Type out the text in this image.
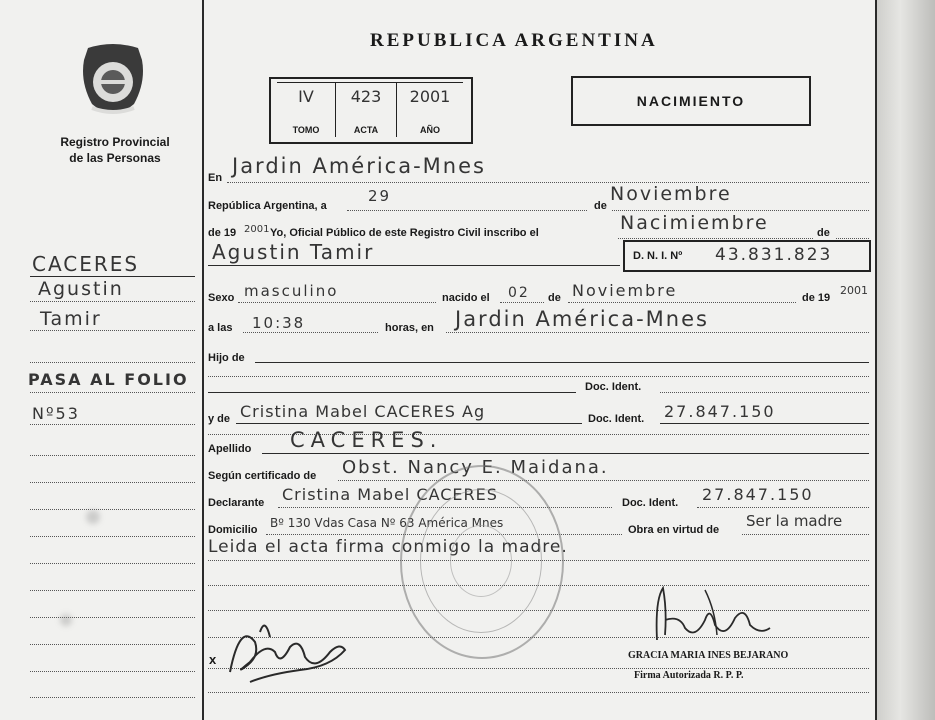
Registro Provincial
de las Personas
CACERES
Agustin
Tamir
PASA AL FOLIO
Nº53
REPUBLICA ARGENTINA
IV
TOMO
423
ACTA
2001
AÑO
NACIMIENTO
En Jardin América-Mnes
República Argentina, a
29
de
Noviembre
de 19 2001 Yo, Oficial Público de este Registro Civil inscribo el	Nacimiembre	de
Agustin Tamir	D. N. I. Nº 43.831.823
Sexo masculino	nacido el 02 de Noviembre	de 19
2001
a las 10:38	horas, en Jardin América-Mnes
Hijo de
Doc. Ident.
y de Cristina Mabel CACERES Ag	Doc. Ident. 27.847.150
Apellido CACERES.
Según certificado de Obst. Nancy E. Maidana.
Declarante Cristina Mabel CACERES	Doc. Ident. 27.847.150
Domicilio Bº 130 Vdas Casa Nº 63 América Mnes	Obra en virtud de Ser la madre
Leida el acta firma conmigo la madre.
x	GRACIA MARIA INES BEJARANO
Firma Autorizada R. P. P.
